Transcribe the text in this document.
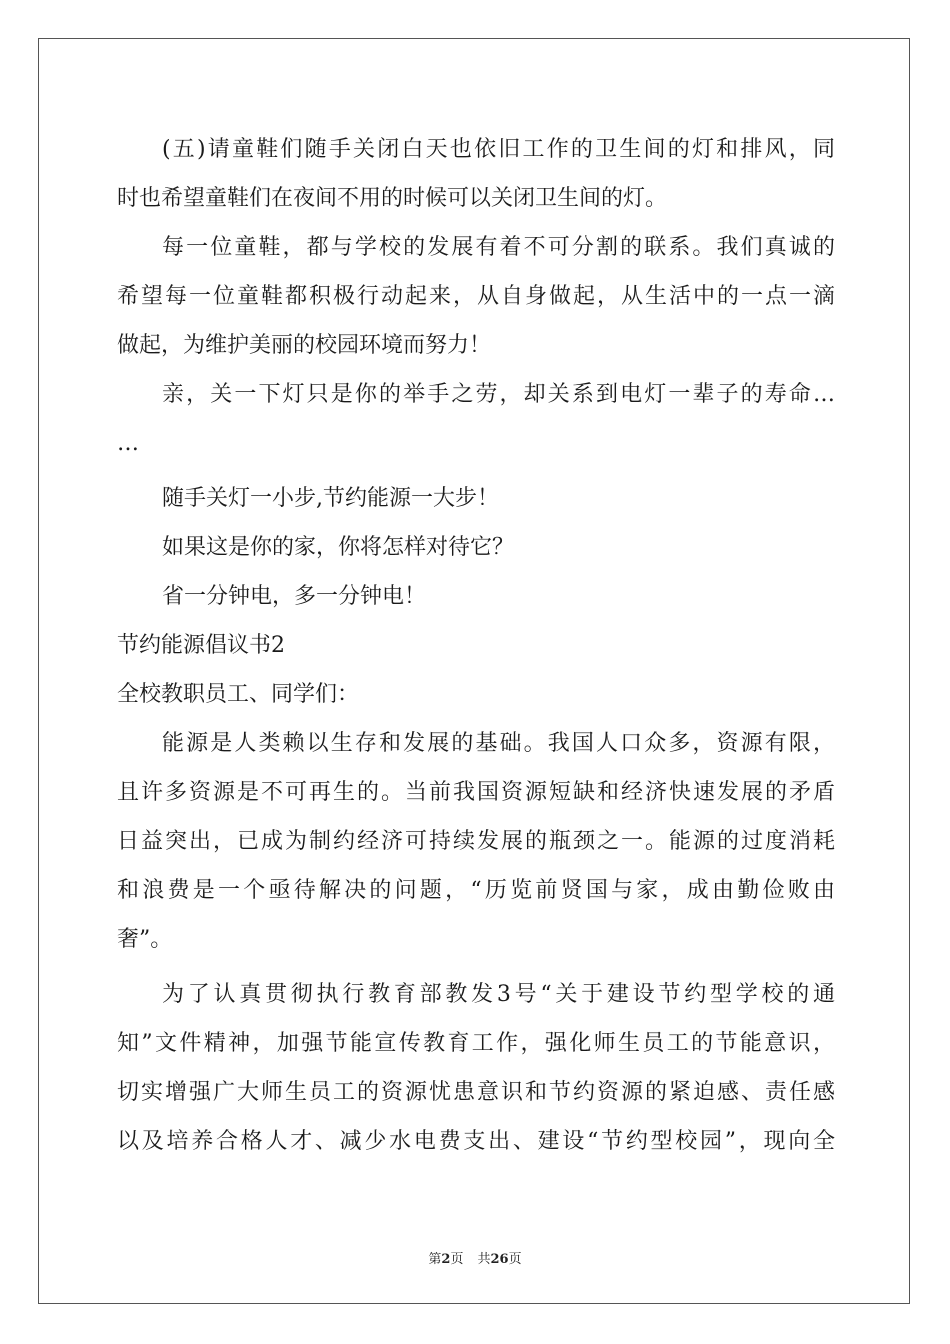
(五)请童鞋们随手关闭白天也依旧工作的卫生间的灯和排风，同
时也希望童鞋们在夜间不用的时候可以关闭卫生间的灯。
每一位童鞋，都与学校的发展有着不可分割的联系。我们真诚的
希望每一位童鞋都积极行动起来，从自身做起，从生活中的一点一滴
做起，为维护美丽的校园环境而努力！
亲，关一下灯只是你的举手之劳，却关系到电灯一辈子的寿命…
…
随手关灯一小步,节约能源一大步！
如果这是你的家，你将怎样对待它？
省一分钟电，多一分钟电！
节约能源倡议书2
全校教职员工、同学们：
能源是人类赖以生存和发展的基础。我国人口众多，资源有限，
且许多资源是不可再生的。当前我国资源短缺和经济快速发展的矛盾
日益突出，已成为制约经济可持续发展的瓶颈之一。能源的过度消耗
和浪费是一个亟待解决的问题，“历览前贤国与家，成由勤俭败由
奢”。
为了认真贯彻执行教育部教发3号“关于建设节约型学校的通
知”文件精神，加强节能宣传教育工作，强化师生员工的节能意识，
切实增强广大师生员工的资源忧患意识和节约资源的紧迫感、责任感
以及培养合格人才、减少水电费支出、建设“节约型校园”，现向全
第2页 共26页
